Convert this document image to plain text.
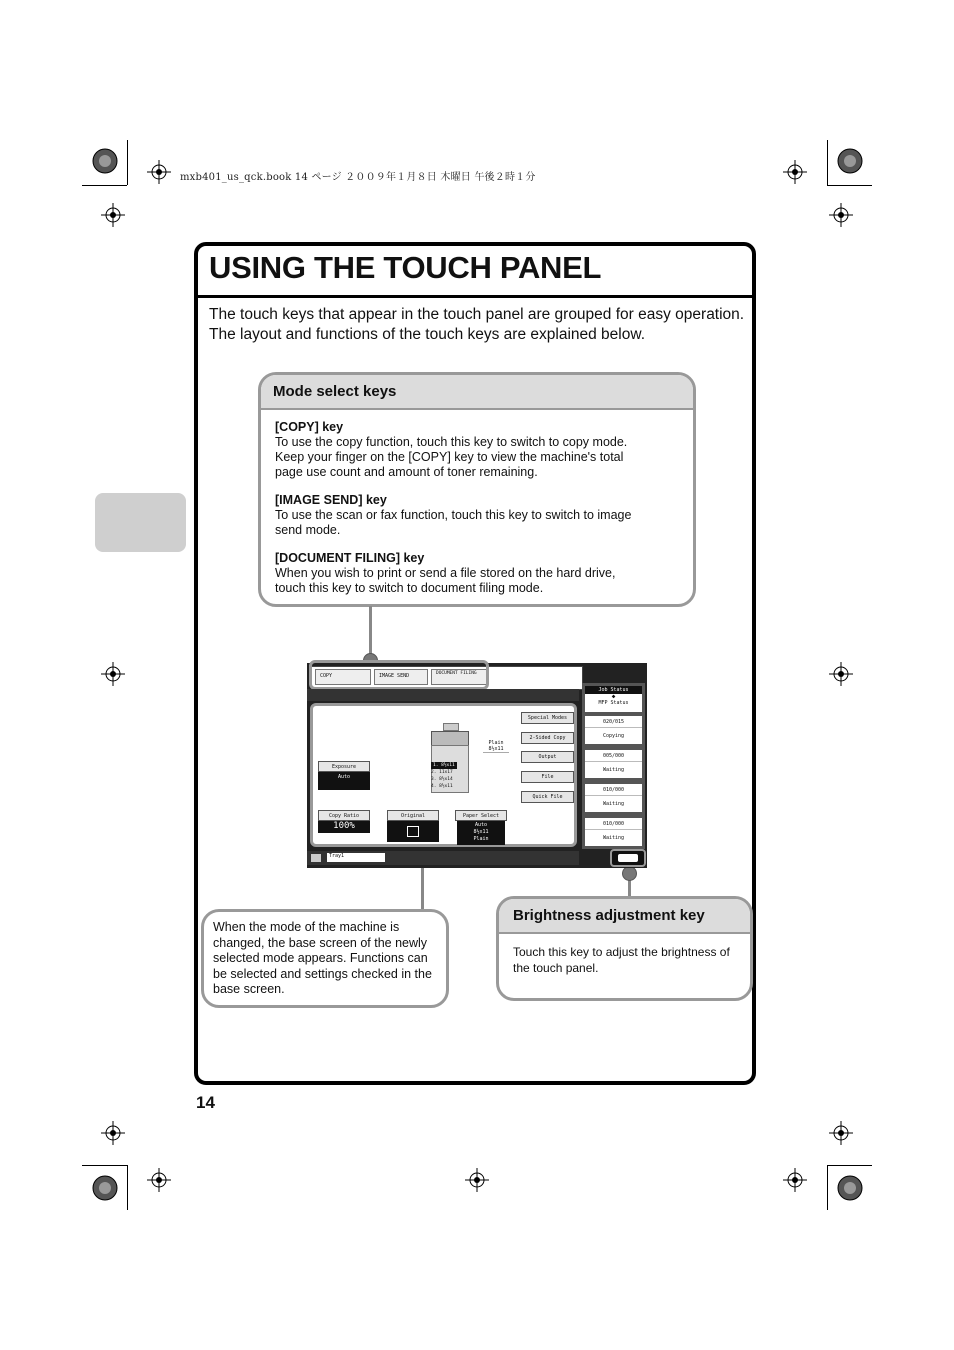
mxb401_us_qck.book 14 ページ ２００９年１月８日 木曜日 午後２時１分
USING THE TOUCH PANEL
The touch keys that appear in the touch panel are grouped for easy operation. The layout and functions of the touch keys are explained below.
Mode select keys
[COPY] key
To use the copy function, touch this key to switch to copy mode. Keep your finger on the [COPY] key to view the machine's total page use count and amount of toner remaining.
[IMAGE SEND] key
To use the scan or fax function, touch this key to switch to image send mode.
[DOCUMENT FILING] key
When you wish to print or send a file stored on the hard drive, touch this key to switch to document filing mode.
COPY	IMAGE SEND	DOCUMENT FILING
Exposure
Auto
Copy Ratio
100%
Original	Paper Select
Auto
8½x11
Plain
1. 8½x11
2. 11x17
3. 8½x14
4. 8½x11
Plain
8½x11
Special Modes
2-Sided Copy
Output
File
Quick File
Tray1
Job Status
◆
MFP Status
020/015
Copying
005/000
Waiting
010/000
Waiting
010/000
Waiting
When the mode of the machine is changed, the base screen of the newly selected mode appears. Functions can be selected and settings checked in the base screen.
Brightness adjustment key
Touch this key to adjust the brightness of the touch panel.
14
